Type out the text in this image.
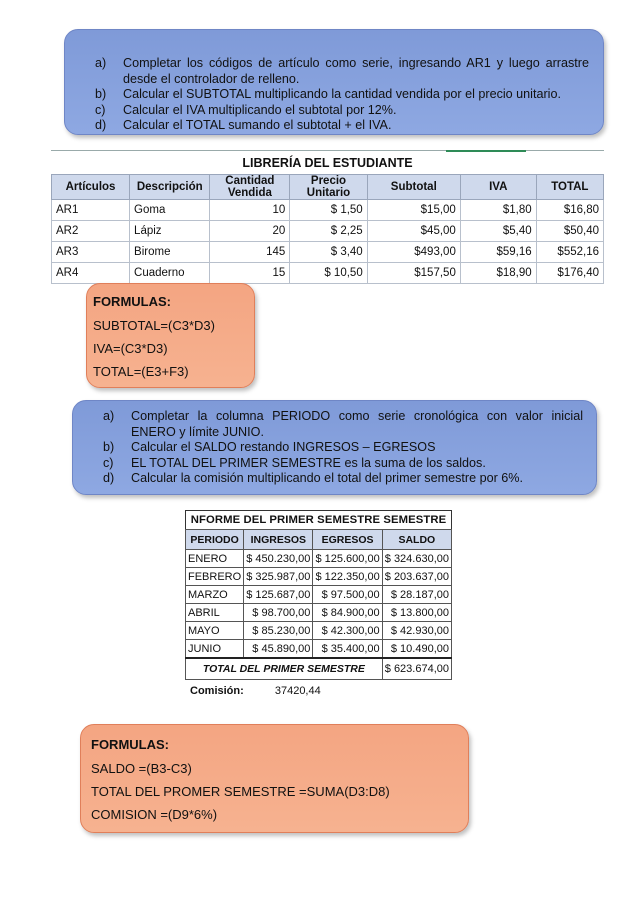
a) Completar los códigos de artículo como serie, ingresando AR1 y luego arrastre desde el controlador de relleno.
b) Calcular el SUBTOTAL multiplicando la cantidad vendida por el precio unitario.
c) Calcular el IVA multiplicando el subtotal por 12%.
d) Calcular el TOTAL sumando el subtotal + el IVA.
LIBRERÍA DEL ESTUDIANTE
Artículos	Descripción	Cantidad Vendida	Precio Unitario	Subtotal	IVA	TOTAL
AR1	Goma	10	$ 1,50	$15,00	$1,80	$16,80
AR2	Lápiz	20	$ 2,25	$45,00	$5,40	$50,40
AR3	Birome	145	$ 3,40	$493,00	$59,16	$552,16
AR4	Cuaderno	15	$ 10,50	$157,50	$18,90	$176,40
FORMULAS:
SUBTOTAL=(C3*D3)
IVA=(C3*D3)
TOTAL=(E3+F3)
a) Completar la columna PERIODO como serie cronológica con valor inicial ENERO y límite JUNIO.
b) Calcular el SALDO restando INGRESOS – EGRESOS
c) EL TOTAL DEL PRIMER SEMESTRE es la suma de los saldos.
d) Calcular la comisión multiplicando el total del primer semestre por 6%.
NFORME DEL PRIMER SEMESTRE SEMESTRE
PERIODO	INGRESOS	EGRESOS	SALDO
ENERO	$ 450.230,00	$ 125.600,00	$ 324.630,00
FEBRERO	$ 325.987,00	$ 122.350,00	$ 203.637,00
MARZO	$ 125.687,00	$ 97.500,00	$ 28.187,00
ABRIL	$ 98.700,00	$ 84.900,00	$ 13.800,00
MAYO	$ 85.230,00	$ 42.300,00	$ 42.930,00
JUNIO	$ 45.890,00	$ 35.400,00	$ 10.490,00
TOTAL DEL PRIMER SEMESTRE			$ 623.674,00
Comisión:	37420,44
FORMULAS:
SALDO =(B3-C3)
TOTAL DEL PROMER SEMESTRE =SUMA(D3:D8)
COMISION =(D9*6%)
